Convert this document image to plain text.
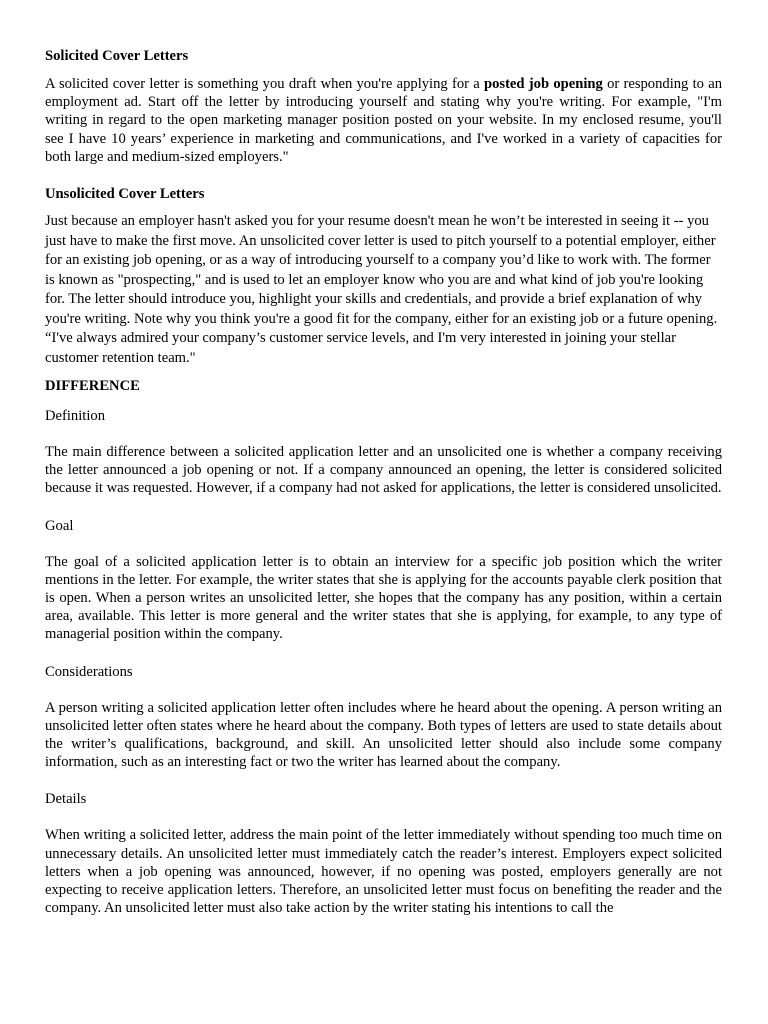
Solicited Cover Letters

A solicited cover letter is something you draft when you're applying for a posted job opening or responding to an employment ad. Start off the letter by introducing yourself and stating why you're writing. For example, "I'm writing in regard to the open marketing manager position posted on your website. In my enclosed resume, you'll see I have 10 years’ experience in marketing and communications, and I've worked in a variety of capacities for both large and medium-sized employers."

Unsolicited Cover Letters

Just because an employer hasn't asked you for your resume doesn't mean he won’t be interested in seeing it -- you just have to make the first move. An unsolicited cover letter is used to pitch yourself to a potential employer, either for an existing job opening, or as a way of introducing yourself to a company you’d like to work with. The former is known as "prospecting," and is used to let an employer know who you are and what kind of job you're looking for. The letter should introduce you, highlight your skills and credentials, and provide a brief explanation of why you're writing. Note why you think you're a good fit for the company, either for an existing job or a future opening. “I've always admired your company’s customer service levels, and I'm very interested in joining your stellar customer retention team."

DIFFERENCE

Definition

The main difference between a solicited application letter and an unsolicited one is whether a company receiving the letter announced a job opening or not. If a company announced an opening, the letter is considered solicited because it was requested. However, if a company had not asked for applications, the letter is considered unsolicited.

Goal

The goal of a solicited application letter is to obtain an interview for a specific job position which the writer mentions in the letter. For example, the writer states that she is applying for the accounts payable clerk position that is open. When a person writes an unsolicited letter, she hopes that the company has any position, within a certain area, available. This letter is more general and the writer states that she is applying, for example, to any type of managerial position within the company.

Considerations

A person writing a solicited application letter often includes where he heard about the opening. A person writing an unsolicited letter often states where he heard about the company. Both types of letters are used to state details about the writer’s qualifications, background, and skill. An unsolicited letter should also include some company information, such as an interesting fact or two the writer has learned about the company.

Details

When writing a solicited letter, address the main point of the letter immediately without spending too much time on unnecessary details. An unsolicited letter must immediately catch the reader’s interest. Employers expect solicited letters when a job opening was announced, however, if no opening was posted, employers generally are not expecting to receive application letters. Therefore, an unsolicited letter must focus on benefiting the reader and the company. An unsolicited letter must also take action by the writer stating his intentions to call the
